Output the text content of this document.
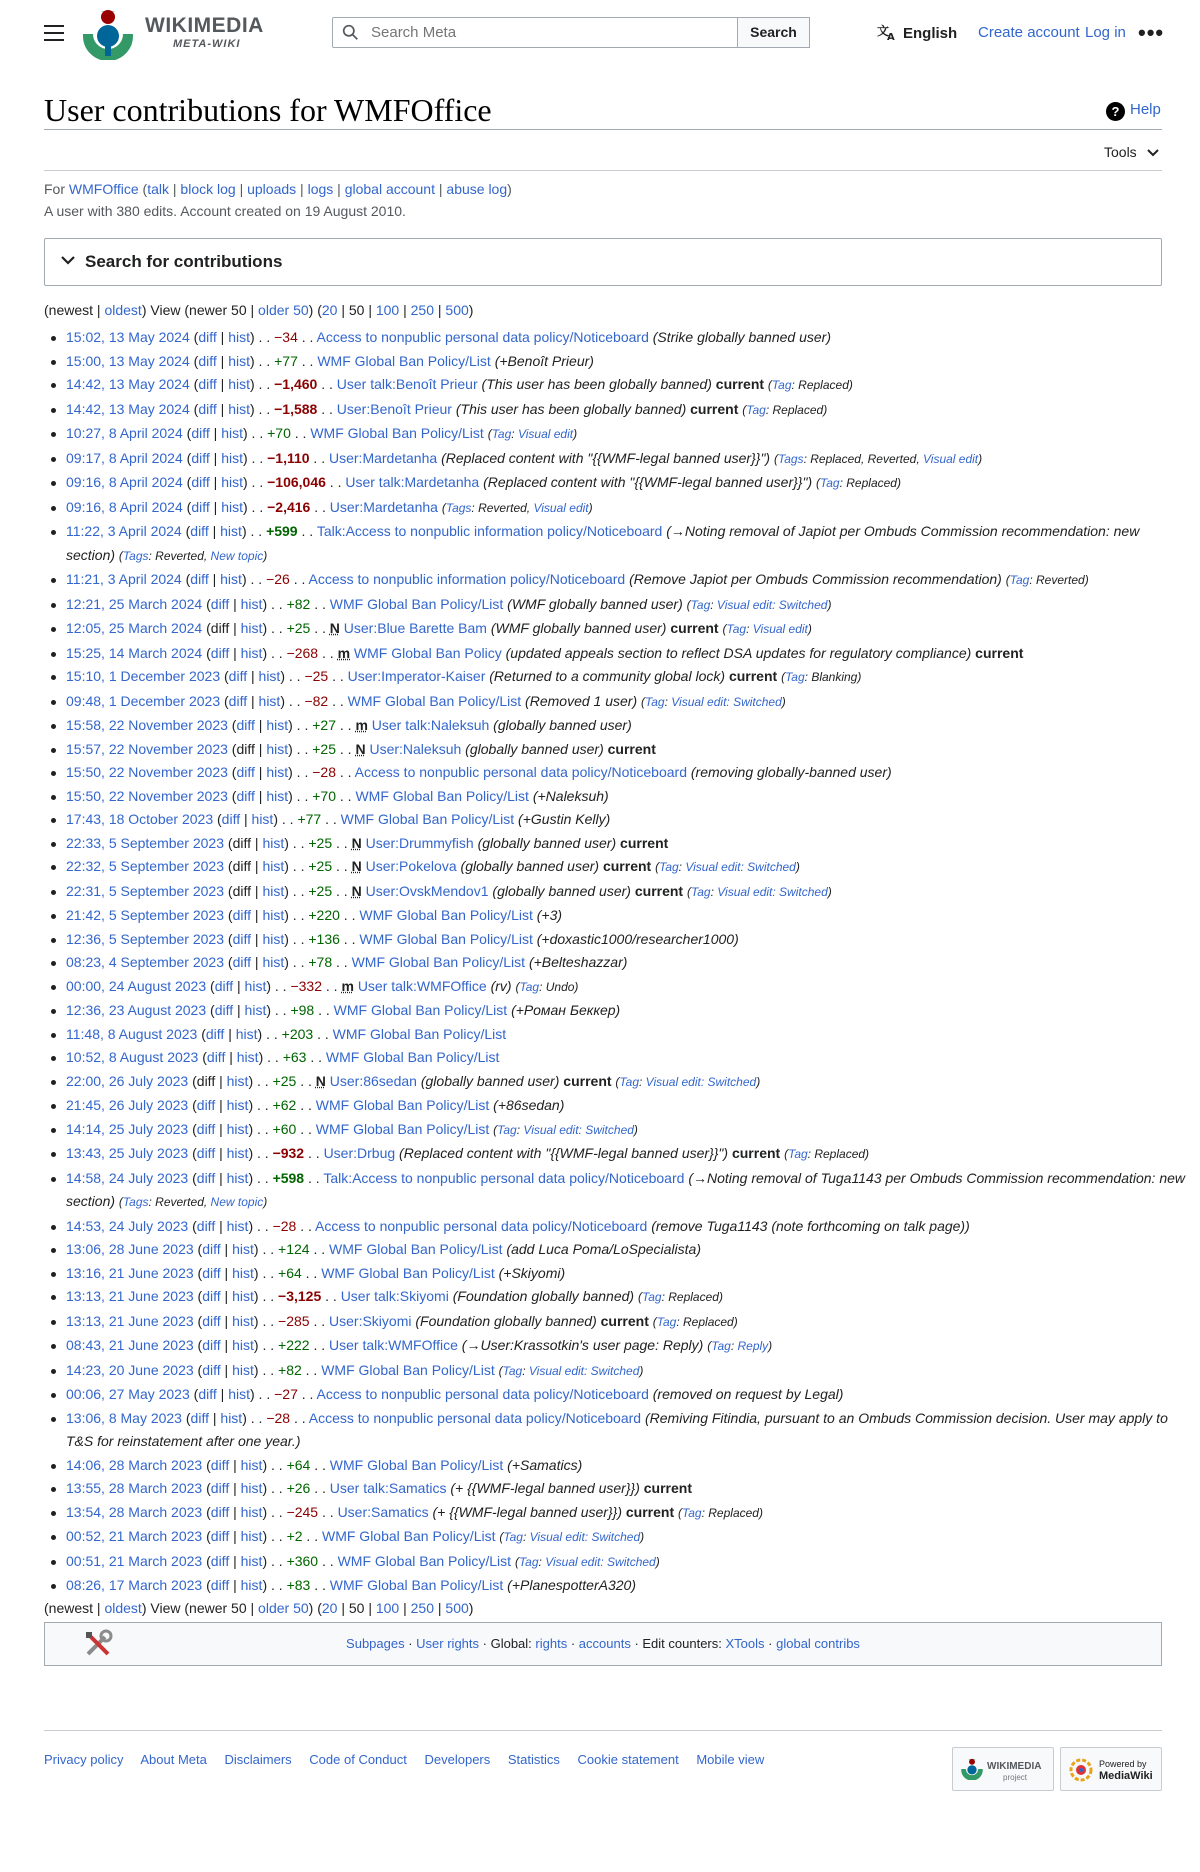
WIKIMEDIA
META-WIKI
Search Meta
Search	文
A English Create account Log in •••
User contributions for WMFOffice	? Help
Tools
For WMFOffice (talk | block log | uploads | logs | global account | abuse log)
A user with 380 edits. Account created on 19 August 2010.
Search for contributions
(newest | oldest) View (newer 50 | older 50) (20 | 50 | 100 | 250 | 500)
15:02, 13 May 2024 (diff | hist) . . −34 . . Access to nonpublic personal data policy/Noticeboard (Strike globally banned user)
15:00, 13 May 2024 (diff | hist) . . +77 . . WMF Global Ban Policy/List (+Benoît Prieur)
14:42, 13 May 2024 (diff | hist) . . −1,460 . . User talk:Benoît Prieur (This user has been globally banned) current (Tag: Replaced)
14:42, 13 May 2024 (diff | hist) . . −1,588 . . User:Benoît Prieur (This user has been globally banned) current (Tag: Replaced)
10:27, 8 April 2024 (diff | hist) . . +70 . . WMF Global Ban Policy/List (Tag: Visual edit)
09:17, 8 April 2024 (diff | hist) . . −1,110 . . User:Mardetanha (Replaced content with "{{WMF-legal banned user}}") (Tags: Replaced, Reverted, Visual edit)
09:16, 8 April 2024 (diff | hist) . . −106,046 . . User talk:Mardetanha (Replaced content with "{{WMF-legal banned user}}") (Tag: Replaced)
09:16, 8 April 2024 (diff | hist) . . −2,416 . . User:Mardetanha (Tags: Reverted, Visual edit)
11:22, 3 April 2024 (diff | hist) . . +599 . . Talk:Access to nonpublic information policy/Noticeboard (→Noting removal of Japiot per Ombuds Commission recommendation: new section) (Tags: Reverted, New topic)
11:21, 3 April 2024 (diff | hist) . . −26 . . Access to nonpublic information policy/Noticeboard (Remove Japiot per Ombuds Commission recommendation) (Tag: Reverted)
12:21, 25 March 2024 (diff | hist) . . +82 . . WMF Global Ban Policy/List (WMF globally banned user) (Tag: Visual edit: Switched)
12:05, 25 March 2024 (diff | hist) . . +25 . . N User:Blue Barette Bam (WMF globally banned user) current (Tag: Visual edit)
15:25, 14 March 2024 (diff | hist) . . −268 . . m WMF Global Ban Policy (updated appeals section to reflect DSA updates for regulatory compliance) current
15:10, 1 December 2023 (diff | hist) . . −25 . . User:Imperator-Kaiser (Returned to a community global lock) current (Tag: Blanking)
09:48, 1 December 2023 (diff | hist) . . −82 . . WMF Global Ban Policy/List (Removed 1 user) (Tag: Visual edit: Switched)
15:58, 22 November 2023 (diff | hist) . . +27 . . m User talk:Naleksuh (globally banned user)
15:57, 22 November 2023 (diff | hist) . . +25 . . N User:Naleksuh (globally banned user) current
15:50, 22 November 2023 (diff | hist) . . −28 . . Access to nonpublic personal data policy/Noticeboard (removing globally-banned user)
15:50, 22 November 2023 (diff | hist) . . +70 . . WMF Global Ban Policy/List (+Naleksuh)
17:43, 18 October 2023 (diff | hist) . . +77 . . WMF Global Ban Policy/List (+Gustin Kelly)
22:33, 5 September 2023 (diff | hist) . . +25 . . N User:Drummyfish (globally banned user) current
22:32, 5 September 2023 (diff | hist) . . +25 . . N User:Pokelova (globally banned user) current (Tag: Visual edit: Switched)
22:31, 5 September 2023 (diff | hist) . . +25 . . N User:OvskMendov1 (globally banned user) current (Tag: Visual edit: Switched)
21:42, 5 September 2023 (diff | hist) . . +220 . . WMF Global Ban Policy/List (+3)
12:36, 5 September 2023 (diff | hist) . . +136 . . WMF Global Ban Policy/List (+doxastic1000/researcher1000)
08:23, 4 September 2023 (diff | hist) . . +78 . . WMF Global Ban Policy/List (+Belteshazzar)
00:00, 24 August 2023 (diff | hist) . . −332 . . m User talk:WMFOffice (rv) (Tag: Undo)
12:36, 23 August 2023 (diff | hist) . . +98 . . WMF Global Ban Policy/List (+Роман Беккер)
11:48, 8 August 2023 (diff | hist) . . +203 . . WMF Global Ban Policy/List
10:52, 8 August 2023 (diff | hist) . . +63 . . WMF Global Ban Policy/List
22:00, 26 July 2023 (diff | hist) . . +25 . . N User:86sedan (globally banned user) current (Tag: Visual edit: Switched)
21:45, 26 July 2023 (diff | hist) . . +62 . . WMF Global Ban Policy/List (+86sedan)
14:14, 25 July 2023 (diff | hist) . . +60 . . WMF Global Ban Policy/List (Tag: Visual edit: Switched)
13:43, 25 July 2023 (diff | hist) . . −932 . . User:Drbug (Replaced content with "{{WMF-legal banned user}}") current (Tag: Replaced)
14:58, 24 July 2023 (diff | hist) . . +598 . . Talk:Access to nonpublic personal data policy/Noticeboard (→Noting removal of Tuga1143 per Ombuds Commission recommendation: new section) (Tags: Reverted, New topic)
14:53, 24 July 2023 (diff | hist) . . −28 . . Access to nonpublic personal data policy/Noticeboard (remove Tuga1143 (note forthcoming on talk page))
13:06, 28 June 2023 (diff | hist) . . +124 . . WMF Global Ban Policy/List (add Luca Poma/LoSpecialista)
13:16, 21 June 2023 (diff | hist) . . +64 . . WMF Global Ban Policy/List (+Skiyomi)
13:13, 21 June 2023 (diff | hist) . . −3,125 . . User talk:Skiyomi (Foundation globally banned) (Tag: Replaced)
13:13, 21 June 2023 (diff | hist) . . −285 . . User:Skiyomi (Foundation globally banned) current (Tag: Replaced)
08:43, 21 June 2023 (diff | hist) . . +222 . . User talk:WMFOffice (→User:Krassotkin's user page: Reply) (Tag: Reply)
14:23, 20 June 2023 (diff | hist) . . +82 . . WMF Global Ban Policy/List (Tag: Visual edit: Switched)
00:06, 27 May 2023 (diff | hist) . . −27 . . Access to nonpublic personal data policy/Noticeboard (removed on request by Legal)
13:06, 8 May 2023 (diff | hist) . . −28 . . Access to nonpublic personal data policy/Noticeboard (Remiving Fitindia, pursuant to an Ombuds Commission decision. User may apply to T&S for reinstatement after one year.)
14:06, 28 March 2023 (diff | hist) . . +64 . . WMF Global Ban Policy/List (+Samatics)
13:55, 28 March 2023 (diff | hist) . . +26 . . User talk:Samatics (+ {{WMF-legal banned user}}) current
13:54, 28 March 2023 (diff | hist) . . −245 . . User:Samatics (+ {{WMF-legal banned user}}) current (Tag: Replaced)
00:52, 21 March 2023 (diff | hist) . . +2 . . WMF Global Ban Policy/List (Tag: Visual edit: Switched)
00:51, 21 March 2023 (diff | hist) . . +360 . . WMF Global Ban Policy/List (Tag: Visual edit: Switched)
08:26, 17 March 2023 (diff | hist) . . +83 . . WMF Global Ban Policy/List (+PlanespotterA320)
(newest | oldest) View (newer 50 | older 50) (20 | 50 | 100 | 250 | 500)
Subpages · User rights · Global: rights · accounts · Edit counters: XTools · global contribs
Privacy policy About Meta Disclaimers Code of Conduct Developers Statistics Cookie statement Mobile view	WIKIMEDIA
project
Powered by
MediaWiki
